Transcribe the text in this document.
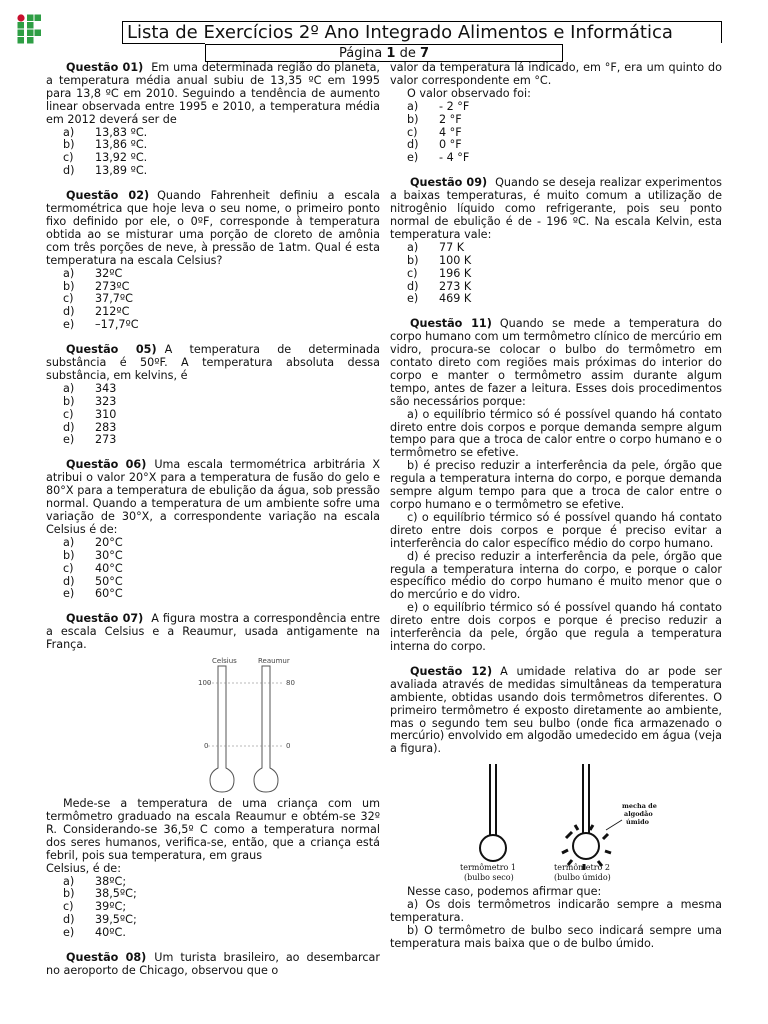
Lista de Exercícios 2º Ano Integrado Alimentos e Informática
Página 1 de 7

Questão 01) Em uma determinada região do planeta, a temperatura média anual subiu de 13,35 ºC em 1995 para 13,8 ºC em 2010. Seguindo a tendência de aumento linear observada entre 1995 e 2010, a temperatura média em 2012 deverá ser de

a)	13,83 ºC.
b)	13,86 ºC.
c)	13,92 ºC.
d)	13,89 ºC.

Questão 02) Quando Fahrenheit definiu a escala termométrica que hoje leva o seu nome, o primeiro ponto fixo definido por ele, o 0ºF, corresponde à temperatura obtida ao se misturar uma porção de cloreto de amônia com três porções de neve, à pressão de 1atm. Qual é esta temperatura na escala Celsius?

a)	32ºC
b)	273ºC
c)	37,7ºC
d)	212ºC
e)	–17,7ºC

Questão 05) A temperatura de determinada substância é 50ºF. A temperatura absoluta dessa substância, em kelvins, é

a)	343
b)	323
c)	310
d)	283
e)	273

Questão 06) Uma escala termométrica arbitrária X atribui o valor 20°X para a temperatura de fusão do gelo e 80°X para a temperatura de ebulição da água, sob pressão normal. Quando a temperatura de um ambiente sofre uma variação de 30°X, a correspondente variação na escala Celsius é de:

a)	20°C
b)	30°C
c)	40°C
d)	50°C
e)	60°C

Questão 07) A figura mostra a correspondência entre a escala Celsius e a Reaumur, usada antigamente na França.

Celsius	Reaumur
100
0
80
0

Mede-se a temperatura de uma criança com um termômetro graduado na escala Reaumur e obtém-se 32º R. Considerando-se 36,5º C como a temperatura normal dos seres humanos, verifica-se, então, que a criança está febril, pois sua temperatura, em graus

Celsius, é de:

a)	38ºC;
b)	38,5ºC;
c)	39ºC;
d)	39,5ºC;
e)	40ºC.

Questão 08) Um turista brasileiro, ao desembarcar no aeroporto de Chicago, observou que o

valor da temperatura lá indicado, em °F, era um quinto do valor correspondente em °C.

O valor observado foi:

a)	- 2 °F
b)	2 °F
c)	4 °F
d)	0 °F
e)	- 4 °F

Questão 09) Quando se deseja realizar experimentos a baixas temperaturas, é muito comum a utilização de nitrogênio líquido como refrigerante, pois seu ponto normal de ebulição é de - 196 ºC. Na escala Kelvin, esta temperatura vale:

a)	77 K
b)	100 K
c)	196 K
d)	273 K
e)	469 K

Questão 11) Quando se mede a temperatura do corpo humano com um termômetro clínico de mercúrio em vidro, procura-se colocar o bulbo do termômetro em contato direto com regiões mais próximas do interior do corpo e manter o termômetro assim durante algum tempo, antes de fazer a leitura. Esses dois procedimentos são necessários porque:

a) o equilíbrio térmico só é possível quando há contato direto entre dois corpos e porque demanda sempre algum tempo para que a troca de calor entre o corpo humano e o termômetro se efetive.

b) é preciso reduzir a interferência da pele, órgão que regula a temperatura interna do corpo, e porque demanda sempre algum tempo para que a troca de calor entre o corpo humano e o termômetro se efetive.

c) o equilíbrio térmico só é possível quando há contato direto entre dois corpos e porque é preciso evitar a interferência do calor específico médio do corpo humano.

d) é preciso reduzir a interferência da pele, órgão que regula a temperatura interna do corpo, e porque o calor específico médio do corpo humano é muito menor que o do mercúrio e do vidro.

e) o equilíbrio térmico só é possível quando há contato direto entre dois corpos e porque é preciso reduzir a interferência da pele, órgão que regula a temperatura interna do corpo.

Questão 12) A umidade relativa do ar pode ser avaliada através de medidas simultâneas da temperatura ambiente, obtidas usando dois termômetros diferentes. O primeiro termômetro é exposto diretamente ao ambiente, mas o segundo tem seu bulbo (onde fica armazenado o mercúrio) envolvido em algodão umedecido em água (veja a figura).

mecha de
algodão
úmido
termômetro 1
(bulbo seco)
termômetro 2
(bulbo úmido)

Nesse caso, podemos afirmar que:

a) Os dois termômetros indicarão sempre a mesma temperatura.

b) O termômetro de bulbo seco indicará sempre uma temperatura mais baixa que o de bulbo úmido.
